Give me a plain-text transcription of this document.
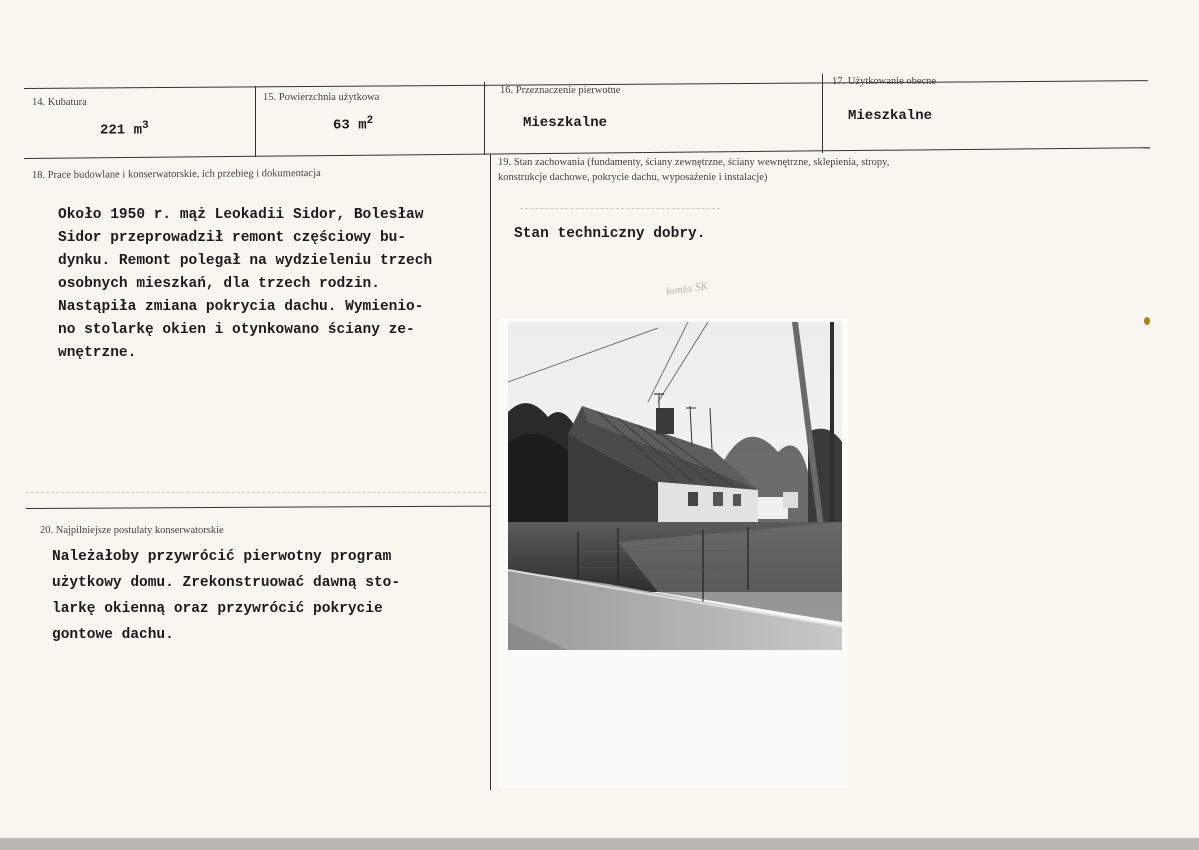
14. Kubatura
221 $m^3$
15. Powierzchnia użytkowa
63 $m^2$
16. Przeznaczenie pierwotne
Mieszkalne
17. Użytkowanie obecne
Mieszkalne
18. Prace budowlane i konserwatorskie, ich przebieg i dokumentacja
Około 1950 r. mąż Leokadii Sidor, Bolesław
Sidor przeprowadził remont częściowy bu-
dynku. Remont polegał na wydzieleniu trzech
osobnych mieszkań, dla trzech rodzin.
Nastąpiła zmiana pokrycia dachu. Wymienio-
no stolarkę okien i otynkowano ściany ze-
wnętrzne.
19. Stan zachowania (fundamenty, ściany zewnętrzne, ściany wewnętrzne, sklepienia, stropy,
konstrukcje dachowe, pokrycie dachu, wyposażenie i instalacje)
Stan techniczny dobry.
łomża SK
20. Najpilniejsze postulaty konserwatorskie
Należałoby przywrócić pierwotny program
użytkowy domu. Zrekonstruować dawną sto-
larkę okienną oraz przywrócić pokrycie
gontowe dachu.
